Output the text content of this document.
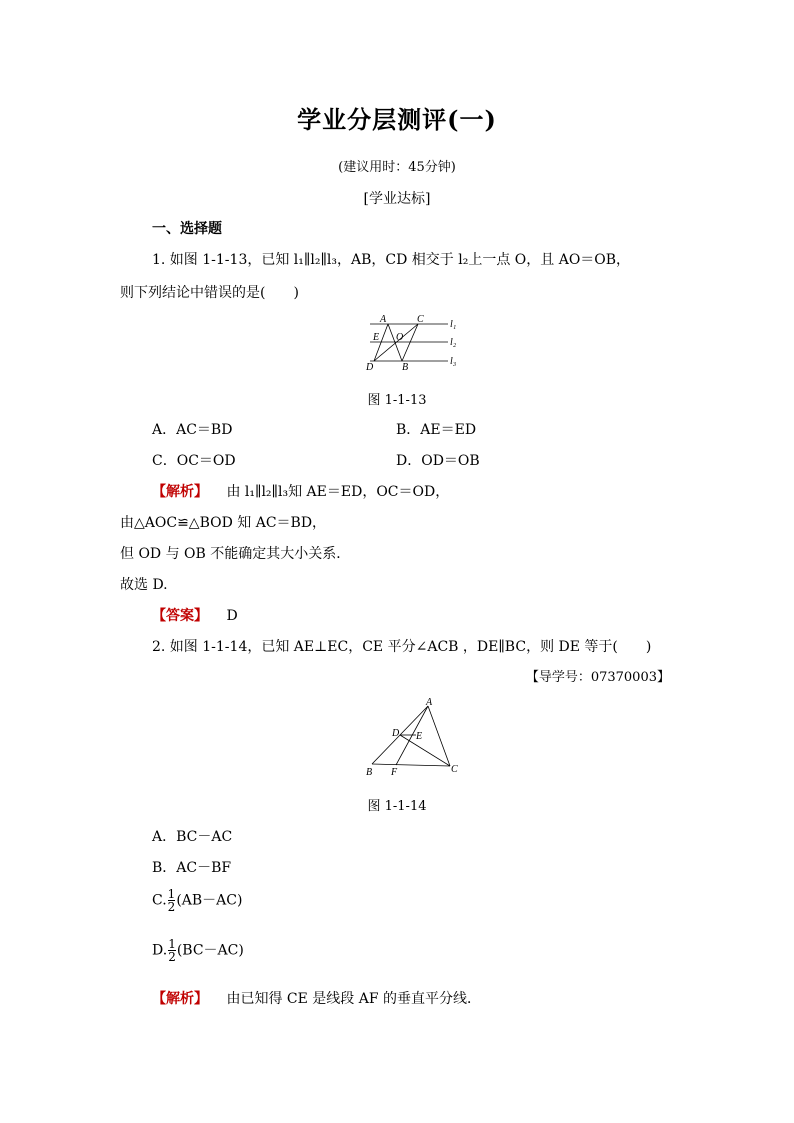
学业分层测评(一)
(建议用时：45分钟)
[学业达标]
一、选择题
1. 如图 1-1-13，已知 l₁∥l₂∥l₃，AB，CD 相交于 l₂上一点 O，且 AO＝OB，
则下列结论中错误的是(　　)
A	C	l₁
E O	l₂
D	B
l₃
图 1-1-13
A．AC＝BD	B．AE＝ED
C．OC＝OD	D．OD＝OB
【解析】 由 l₁∥l₂∥l₃知 AE＝ED，OC＝OD，
由△AOC≌△BOD 知 AC＝BD，
但 OD 与 OB 不能确定其大小关系．
故选 D.
【答案】 D
2. 如图 1-1-14，已知 AE⊥EC，CE 平分∠ACB ，DE∥BC，则 DE 等于(　　)
【导学号：07370003】
A
D E
B F	C
图 1-1-14
A．BC－AC
B．AC－BF
C. $\frac{1}{2} (AB-AC)$
D. $\frac{1}{2} (BC-AC)$
【解析】 由已知得 CE 是线段 AF 的垂直平分线．
